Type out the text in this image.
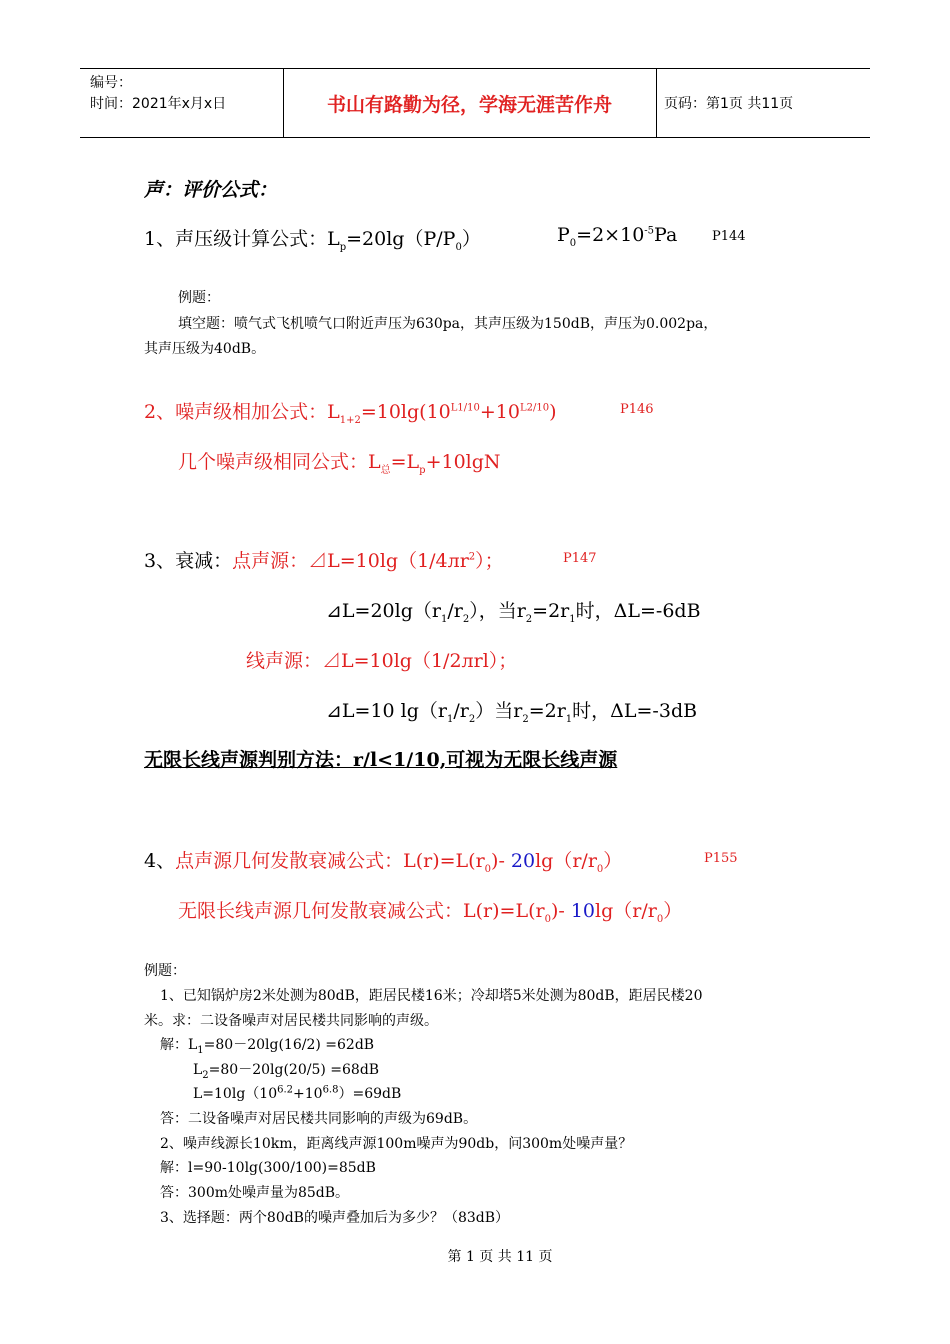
编号：
时间：2021年x月x日	书山有路勤为径，学海无涯苦作舟	页码：第1页 共11页
声：评价公式：
1、声压级计算公式：$L_p=20\lg(P/P_0)$	$P_0=2\times 10^{-5}Pa$	P144
例题：
填空题：喷气式飞机喷气口附近声压为630pa，其声压级为150dB，声压为0.002pa，
其声压级为40dB。
2、噪声级相加公式：$L_{1+2}=10\lg(10^{L1/10}+10^{L2/10})$	P146
几个噪声级相同公式：$L_总=L_p+10\lg N$
3、衰减：点声源：$⊿L=10\lg(1/4лr^2)$；	P147
$⊿L=20\lg(r_1/r_2)$，当$r_2=2r_1$时，ΔL=-6dB
线声源：⊿L=10lg（1/2лrl）；
⊿L=10 $\lg(r_1/r_2)$当$r_2=2r_1$时，ΔL=-3dB
无限长线声源判别方法：r/l<1/10,可视为无限长线声源
4、点声源几何发散衰减公式：$L(r)=L(r_0)-$ $20\lg(r/r_0)$	P155
无限长线声源几何发散衰减公式：$L(r)=L(r_0)-$ $10\lg(r/r_0)$
例题：
1、已知锅炉房2米处测为80dB，距居民楼16米；冷却塔5米处测为80dB，距居民楼20
米。求：二设备噪声对居民楼共同影响的声级。
解：$L_1=80-20\lg(16/2) =62dB$
$L_2=80-20\lg(20/5) =68dB$
$L=10\lg(10^{6.2}+10^{6.8})=69dB$
答：二设备噪声对居民楼共同影响的声级为69dB。
2、噪声线源长10km，距离线声源100m噪声为90db，问300m处噪声量？
解：l=90-10lg(300/100)=85dB
答：300m处噪声量为85dB。
3、选择题：两个80dB的噪声叠加后为多少？（83dB）
第 1 页 共 11 页
